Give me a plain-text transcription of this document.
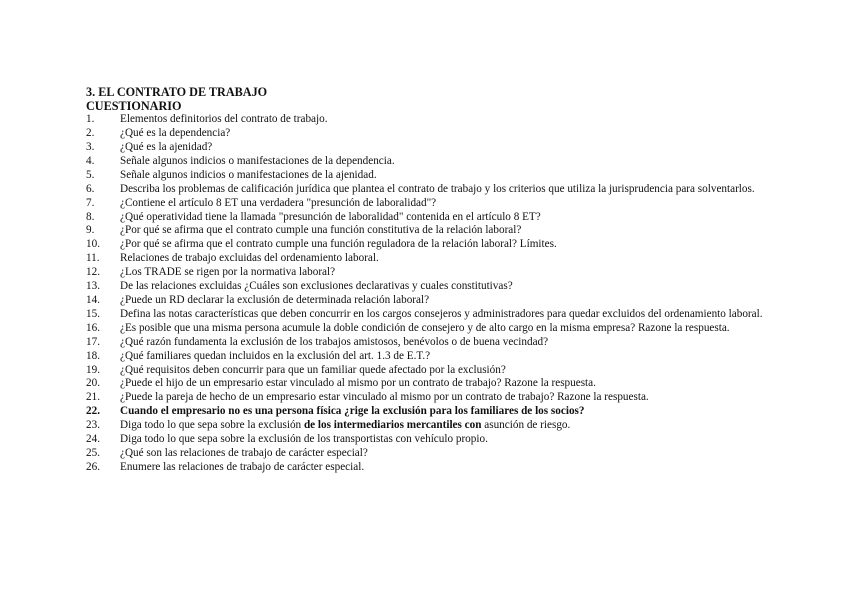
3. EL CONTRATO DE TRABAJO
CUESTIONARIO
1. Elementos definitorios del contrato de trabajo.
2. ¿Qué es la dependencia?
3. ¿Qué es la ajenidad?
4. Señale algunos indicios o manifestaciones de la dependencia.
5. Señale algunos indicios o manifestaciones de la ajenidad.
6. Describa los problemas de calificación jurídica que plantea el contrato de trabajo y los criterios que utiliza la jurisprudencia para solventarlos.
7. ¿Contiene el artículo 8 ET una verdadera "presunción de laboralidad"?
8. ¿Qué operatividad tiene la llamada "presunción de laboralidad" contenida en el artículo 8 ET?
9. ¿Por qué se afirma que el contrato cumple una función constitutiva de la relación laboral?
10. ¿Por qué se afirma que el contrato cumple una función reguladora de la relación laboral? Límites.
11. Relaciones de trabajo excluidas del ordenamiento laboral.
12. ¿Los TRADE se rigen por la normativa laboral?
13. De las relaciones excluidas ¿Cuáles son exclusiones declarativas y cuales constitutivas?
14. ¿Puede un RD declarar la exclusión de determinada relación laboral?
15. Defina las notas características que deben concurrir en los cargos consejeros y administradores para quedar excluidos del ordenamiento laboral.
16. ¿Es posible que una misma persona acumule la doble condición de consejero y de alto cargo en la misma empresa? Razone la respuesta.
17. ¿Qué razón fundamenta la exclusión de los trabajos amistosos, benévolos o de buena vecindad?
18. ¿Qué familiares quedan incluidos en la exclusión del art. 1.3 de E.T.?
19. ¿Qué requisitos deben concurrir para que un familiar quede afectado por la exclusión?
20. ¿Puede el hijo de un empresario estar vinculado al mismo por un contrato de trabajo? Razone la respuesta.
21. ¿Puede la pareja de hecho de un empresario estar vinculado al mismo por un contrato de trabajo? Razone la respuesta.
22. Cuando el empresario no es una persona física ¿rige la exclusión para los familiares de los socios?
23. Diga todo lo que sepa sobre la exclusión de los intermediarios mercantiles con asunción de riesgo.
24. Diga todo lo que sepa sobre la exclusión de los transportistas con vehículo propio.
25. ¿Qué son las relaciones de trabajo de carácter especial?
26. Enumere las relaciones de trabajo de carácter especial.
